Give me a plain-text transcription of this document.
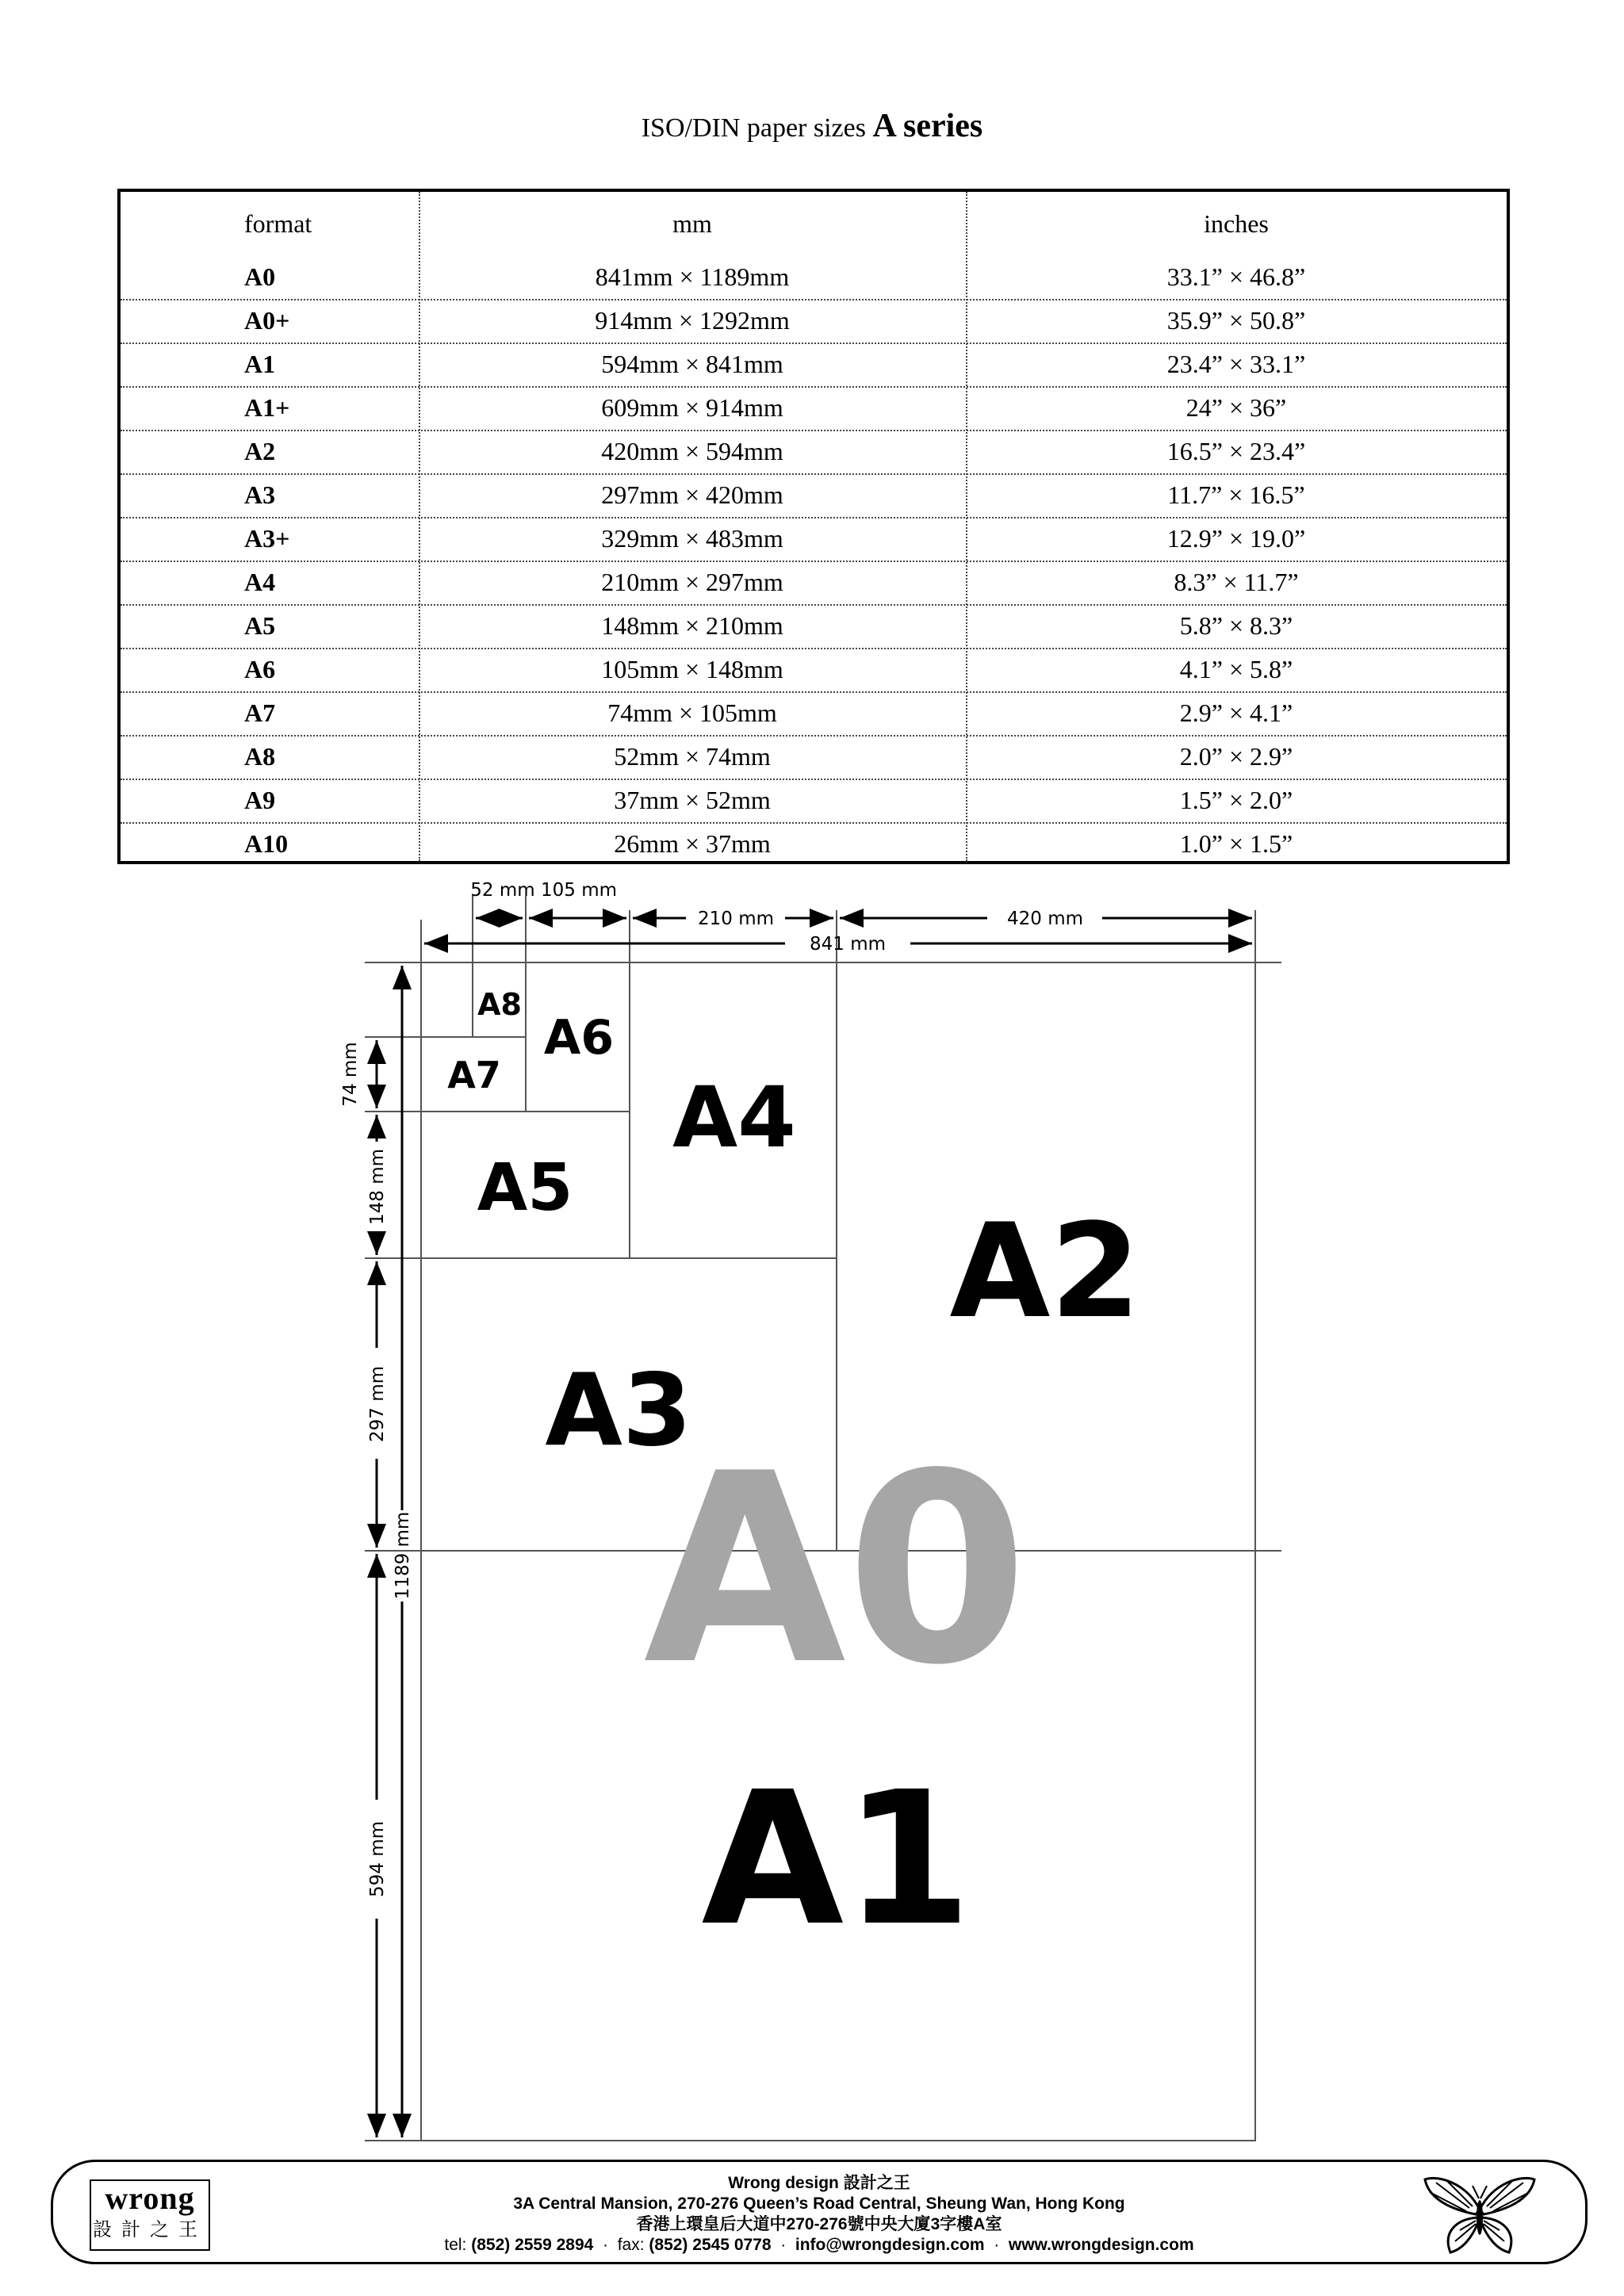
ISO/DIN paper sizes A series
format	mm	inches
A0	841mm × 1189mm	33.1” × 46.8”
A0+	914mm × 1292mm	35.9” × 50.8”
A1	594mm × 841mm	23.4” × 33.1”
A1+	609mm × 914mm	24” × 36”
A2	420mm × 594mm	16.5” × 23.4”
A3	297mm × 420mm	11.7” × 16.5”
A3+	329mm × 483mm	12.9” × 19.0”
A4	210mm × 297mm	8.3” × 11.7”
A5	148mm × 210mm	5.8” × 8.3”
A6	105mm × 148mm	4.1” × 5.8”
A7	74mm × 105mm	2.9” × 4.1”
A8	52mm × 74mm	2.0” × 2.9”
A9	37mm × 52mm	1.5” × 2.0”
A10	26mm × 37mm	1.0” × 1.5”
52 mm 105 mm
210 mm	420 mm
841 mm
74 mm
148 mm
297 mm
594 mm
1189 mm A0
A1
A2
A3
A4
A5
A6
A7
A8
wrong
設計之王
Wrong design 設計之王
3A Central Mansion, 270-276 Queen’s Road Central, Sheung Wan, Hong Kong
香港上環皇后大道中270-276號中央大廈3字樓A室
tel: (852) 2559 2894  ·  fax: (852) 2545 0778  ·  info@wrongdesign.com  ·  www.wrongdesign.com
